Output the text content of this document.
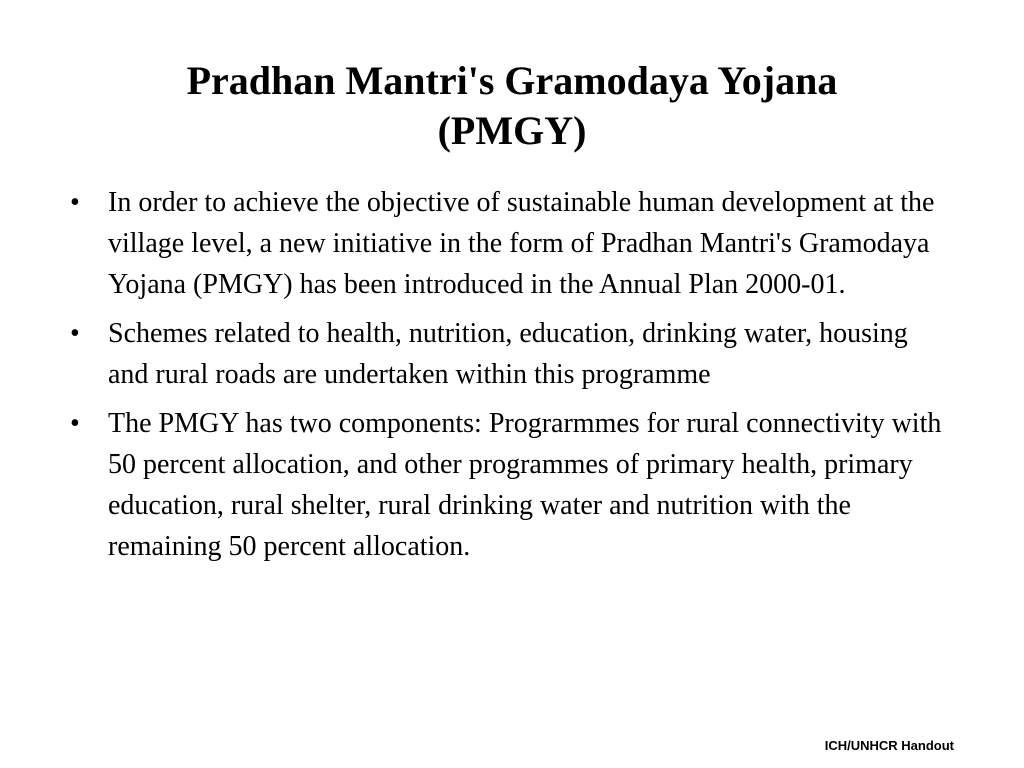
Pradhan Mantri's Gramodaya Yojana
(PMGY)
• In order to achieve the objective of sustainable human development at the village level, a new initiative in the form of Pradhan Mantri's Gramodaya Yojana (PMGY) has been introduced in the Annual Plan 2000-01.
• Schemes related to health, nutrition, education, drinking water, housing and rural roads are undertaken within this programme
• The PMGY has two components: Prograrmmes for rural connectivity with 50 percent allocation, and other programmes of primary health, primary education, rural shelter, rural drinking water and nutrition with the remaining 50 percent allocation.
ICH/UNHCR Handout
